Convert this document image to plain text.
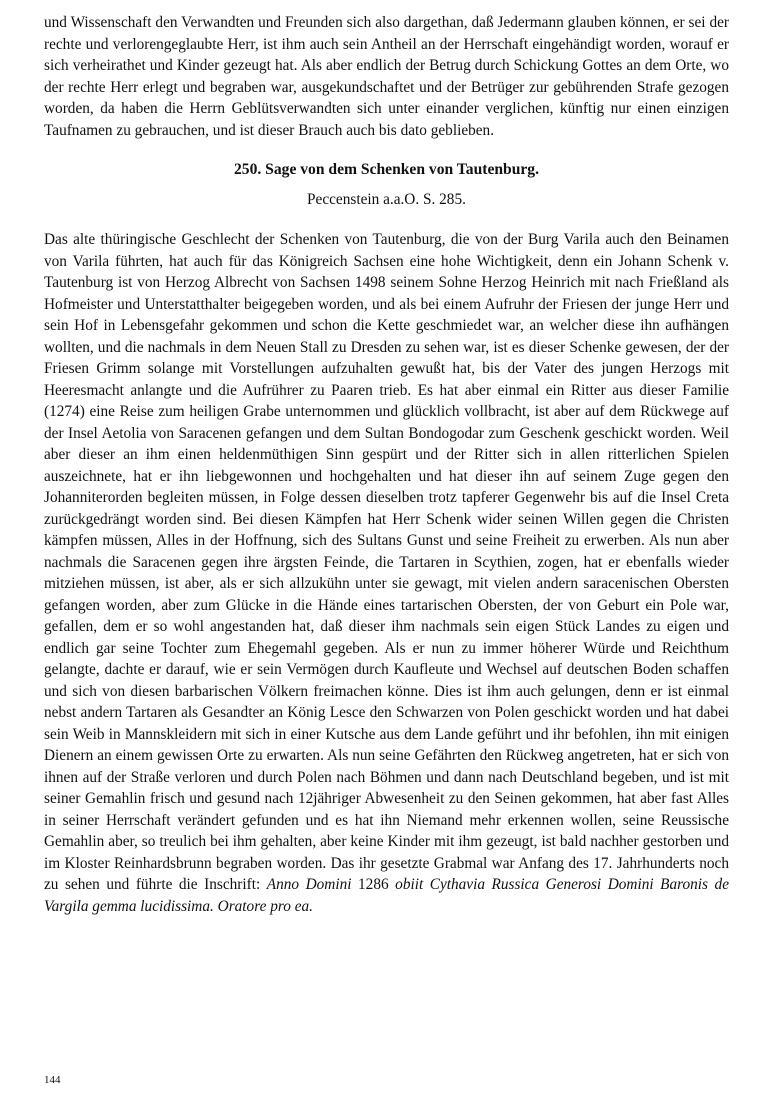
und Wissenschaft den Verwandten und Freunden sich also dargethan, daß Jedermann glauben können, er sei der rechte und verlorengeglaubte Herr, ist ihm auch sein Antheil an der Herrschaft eingehändigt worden, worauf er sich verheirathet und Kinder gezeugt hat. Als aber endlich der Betrug durch Schickung Gottes an dem Orte, wo der rechte Herr erlegt und begraben war, ausgekundschaftet und der Betrüger zur gebührenden Strafe gezogen worden, da haben die Herrn Geblütsverwandten sich unter einander verglichen, künftig nur einen einzigen Taufnamen zu gebrauchen, und ist dieser Brauch auch bis dato geblieben.

250. Sage von dem Schenken von Tautenburg.
Peccenstein a.a.O. S. 285.

Das alte thüringische Geschlecht der Schenken von Tautenburg, die von der Burg Varila auch den Beinamen von Varila führten, hat auch für das Königreich Sachsen eine hohe Wichtigkeit, denn ein Johann Schenk v. Tautenburg ist von Herzog Albrecht von Sachsen 1498 seinem Sohne Herzog Heinrich mit nach Frießland als Hofmeister und Unterstatthalter beigegeben worden, und als bei einem Aufruhr der Friesen der junge Herr und sein Hof in Lebensgefahr gekommen und schon die Kette geschmiedet war, an welcher diese ihn aufhängen wollten, und die nachmals in dem Neuen Stall zu Dresden zu sehen war, ist es dieser Schenke gewesen, der der Friesen Grimm solange mit Vorstellungen aufzuhalten gewußt hat, bis der Vater des jungen Herzogs mit Heeresmacht anlangte und die Aufrührer zu Paaren trieb. Es hat aber einmal ein Ritter aus dieser Familie (1274) eine Reise zum heiligen Grabe unternommen und glücklich vollbracht, ist aber auf dem Rückwege auf der Insel Aetolia von Saracenen gefangen und dem Sultan Bondogodar zum Geschenk geschickt worden. Weil aber dieser an ihm einen heldenmüthigen Sinn gespürt und der Ritter sich in allen ritterlichen Spielen auszeichnete, hat er ihn liebgewonnen und hochgehalten und hat dieser ihn auf seinem Zuge gegen den Johanniterorden begleiten müssen, in Folge dessen dieselben trotz tapferer Gegenwehr bis auf die Insel Creta zurückgedrängt worden sind. Bei diesen Kämpfen hat Herr Schenk wider seinen Willen gegen die Christen kämpfen müssen, Alles in der Hoffnung, sich des Sultans Gunst und seine Freiheit zu erwerben. Als nun aber nachmals die Saracenen gegen ihre ärgsten Feinde, die Tartaren in Scythien, zogen, hat er ebenfalls wieder mitziehen müssen, ist aber, als er sich allzukühn unter sie gewagt, mit vielen andern saracenischen Obersten gefangen worden, aber zum Glücke in die Hände eines tartarischen Obersten, der von Geburt ein Pole war, gefallen, dem er so wohl angestanden hat, daß dieser ihm nachmals sein eigen Stück Landes zu eigen und endlich gar seine Tochter zum Ehegemahl gegeben. Als er nun zu immer höherer Würde und Reichthum gelangte, dachte er darauf, wie er sein Vermögen durch Kaufleute und Wechsel auf deutschen Boden schaffen und sich von diesen barbarischen Völkern freimachen könne. Dies ist ihm auch gelungen, denn er ist einmal nebst andern Tartaren als Gesandter an König Lesce den Schwarzen von Polen geschickt worden und hat dabei sein Weib in Mannskleidern mit sich in einer Kutsche aus dem Lande geführt und ihr befohlen, ihn mit einigen Dienern an einem gewissen Orte zu erwarten. Als nun seine Gefährten den Rückweg angetreten, hat er sich von ihnen auf der Straße verloren und durch Polen nach Böhmen und dann nach Deutschland begeben, und ist mit seiner Gemahlin frisch und gesund nach 12jähriger Abwesenheit zu den Seinen gekommen, hat aber fast Alles in seiner Herrschaft verändert gefunden und es hat ihn Niemand mehr erkennen wollen, seine Reussische Gemahlin aber, so treulich bei ihm gehalten, aber keine Kinder mit ihm gezeugt, ist bald nachher gestorben und im Kloster Reinhardsbrunn begraben worden. Das ihr gesetzte Grabmal war Anfang des 17. Jahrhunderts noch zu sehen und führte die Inschrift: Anno Domini 1286 obiit Cythavia Russica Generosi Domini Baronis de Vargila gemma lucidissima. Oratore pro ea.

144
